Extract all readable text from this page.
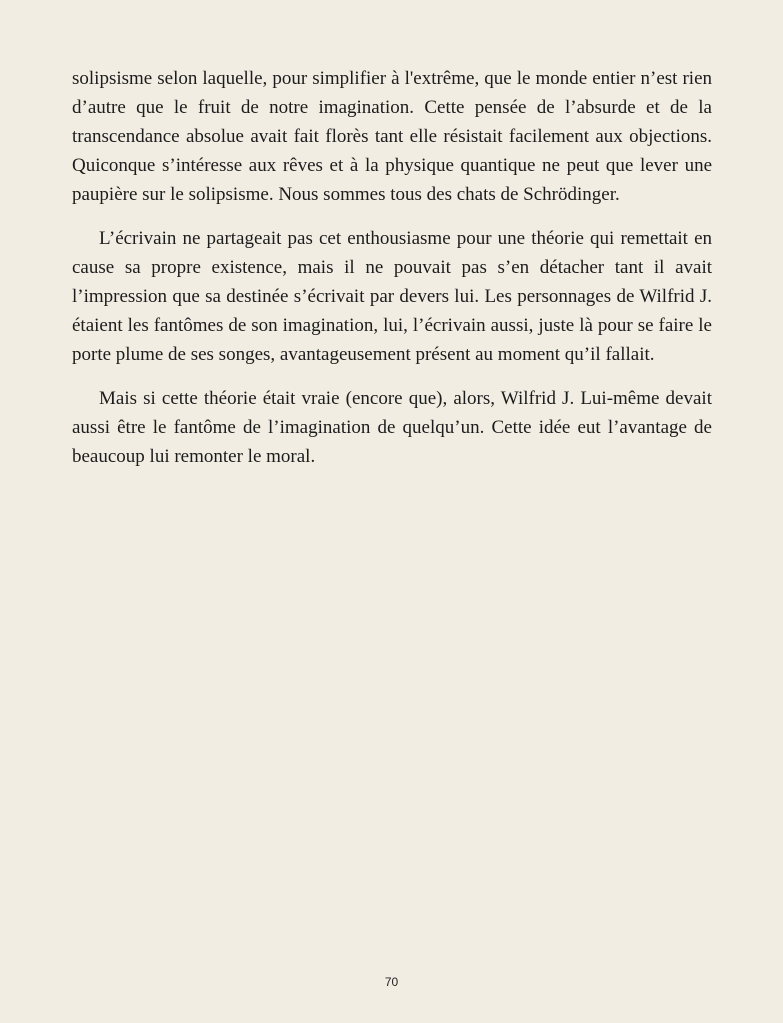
solipsisme selon laquelle, pour simplifier à l'extrême, que le monde entier n’est rien d’autre que le fruit de notre imagination. Cette pensée de l’absurde et de la transcendance absolue avait fait florès tant elle résistait facilement aux objections. Quiconque s’intéresse aux rêves et à la physique quantique ne peut que lever une paupière sur le solipsisme. Nous sommes tous des chats de Schrödinger.

L’écrivain ne partageait pas cet enthousiasme pour une théorie qui remettait en cause sa propre existence, mais il ne pouvait pas s’en détacher tant il avait l’impression que sa destinée s’écrivait par devers lui. Les personnages de Wilfrid J. étaient les fantômes de son imagination, lui, l’écrivain aussi, juste là pour se faire le porte plume de ses songes, avantageusement présent au moment qu’il fallait.

Mais si cette théorie était vraie (encore que), alors, Wilfrid J. Lui-même devait aussi être le fantôme de l’imagination de quelqu’un. Cette idée eut l’avantage de beaucoup lui remonter le moral.

70
